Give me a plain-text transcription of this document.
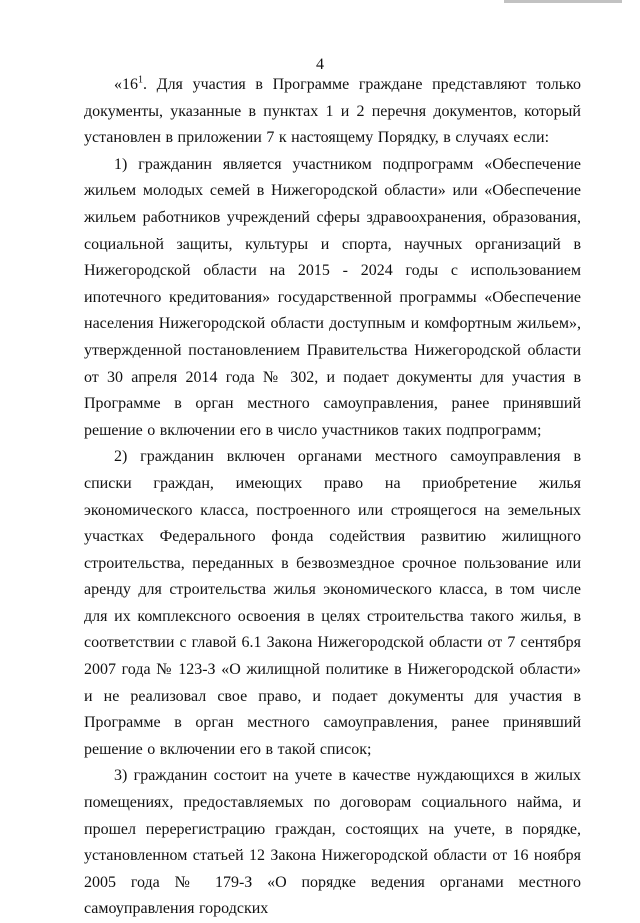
4

«$16^1$. Для участия в Программе граждане представляют только документы, указанные в пунктах 1 и 2 перечня документов, который установлен в приложении 7 к настоящему Порядку, в случаях если:

1) гражданин является участником подпрограмм «Обеспечение жильем молодых семей в Нижегородской области» или «Обеспечение жильем работников учреждений сферы здравоохранения, образования, социальной защиты, культуры и спорта, научных организаций в Нижегородской области на 2015 - 2024 годы с использованием ипотечного кредитования» государственной программы «Обеспечение населения Нижегородской области доступным и комфортным жильем», утвержденной постановлением Правительства Нижегородской области от 30 апреля 2014 года № 302, и подает документы для участия в Программе в орган местного самоуправления, ранее принявший решение о включении его в число участников таких подпрограмм;

2) гражданин включен органами местного самоуправления в списки граждан, имеющих право на приобретение жилья экономического класса, построенного или строящегося на земельных участках Федерального фонда содействия развитию жилищного строительства, переданных в безвозмездное срочное пользование или аренду для строительства жилья экономического класса, в том числе для их комплексного освоения в целях строительства такого жилья, в соответствии с главой 6.1 Закона Нижегородской области от 7 сентября 2007 года № 123-З «О жилищной политике в Нижегородской области» и не реализовал свое право, и подает документы для участия в Программе в орган местного самоуправления, ранее принявший решение о включении его в такой список;

3) гражданин состоит на учете в качестве нуждающихся в жилых помещениях, предоставляемых по договорам социального найма, и прошел перерегистрацию граждан, состоящих на учете, в порядке, установленном статьей 12 Закона Нижегородской области от 16 ноября 2005 года № 179-З «О порядке ведения органами местного самоуправления городских
